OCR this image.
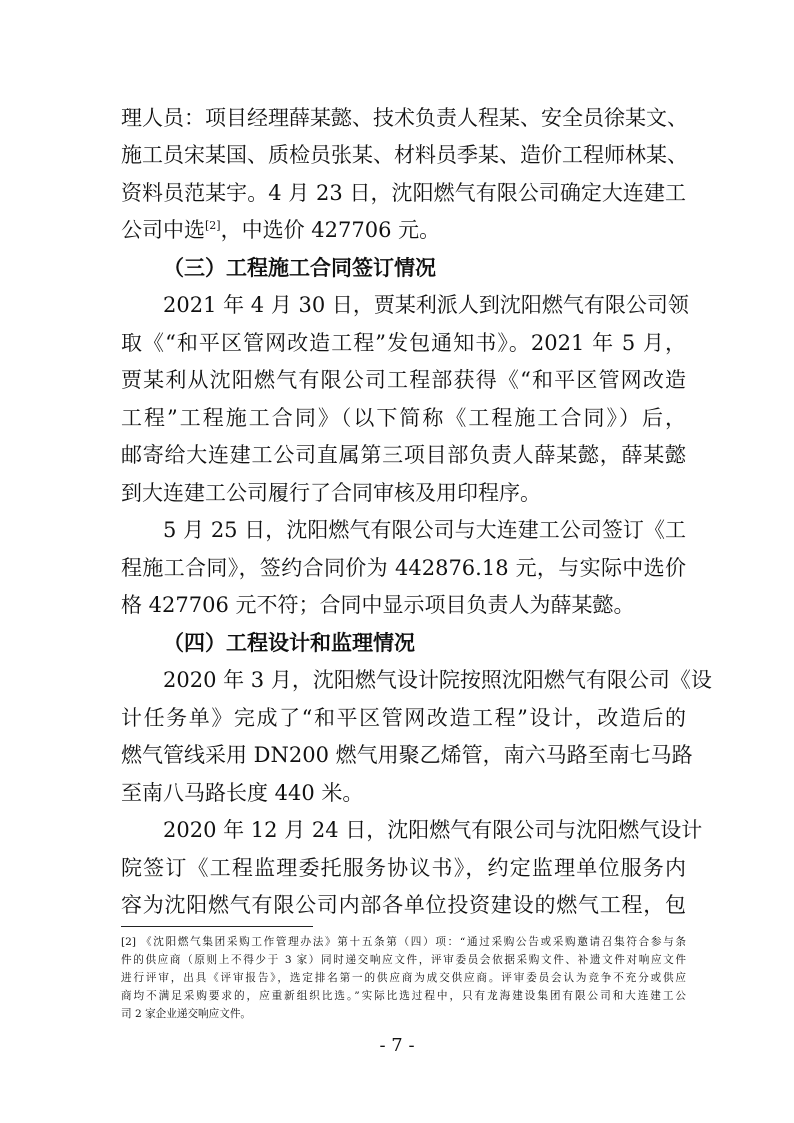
理人员：项目经理薛某懿、技术负责人程某、安全员徐某文、
施工员宋某国、质检员张某、材料员季某、造价工程师林某、
资料员范某宇。4 月 23 日，沈阳燃气有限公司确定大连建工
公司中选[2]，中选价 427706 元。
（三）工程施工合同签订情况
2021 年 4 月 30 日，贾某利派人到沈阳燃气有限公司领
取《“和平区管网改造工程”发包通知书》。2021 年 5 月，
贾某利从沈阳燃气有限公司工程部获得《“和平区管网改造
工程”工程施工合同》（以下简称《工程施工合同》）后，
邮寄给大连建工公司直属第三项目部负责人薛某懿，薛某懿
到大连建工公司履行了合同审核及用印程序。
5 月 25 日，沈阳燃气有限公司与大连建工公司签订《工
程施工合同》，签约合同价为 442876.18 元，与实际中选价
格 427706 元不符；合同中显示项目负责人为薛某懿。
（四）工程设计和监理情况
2020 年 3 月，沈阳燃气设计院按照沈阳燃气有限公司《设
计任务单》完成了“和平区管网改造工程”设计，改造后的
燃气管线采用 DN200 燃气用聚乙烯管，南六马路至南七马路
至南八马路长度 440 米。
2020 年 12 月 24 日，沈阳燃气有限公司与沈阳燃气设计
院签订《工程监理委托服务协议书》，约定监理单位服务内
容为沈阳燃气有限公司内部各单位投资建设的燃气工程，包
[2] 《沈阳燃气集团采购工作管理办法》第十五条第（四）项：“通过采购公告或采购邀请召集符合参与条
件的供应商（原则上不得少于 3 家）同时递交响应文件，评审委员会依据采购文件、补遗文件对响应文件
进行评审，出具《评审报告》，选定排名第一的供应商为成交供应商。评审委员会认为竞争不充分或供应
商均不满足采购要求的，应重新组织比选。”实际比选过程中，只有龙海建设集团有限公司和大连建工公
司 2 家企业递交响应文件。
- 7 -
